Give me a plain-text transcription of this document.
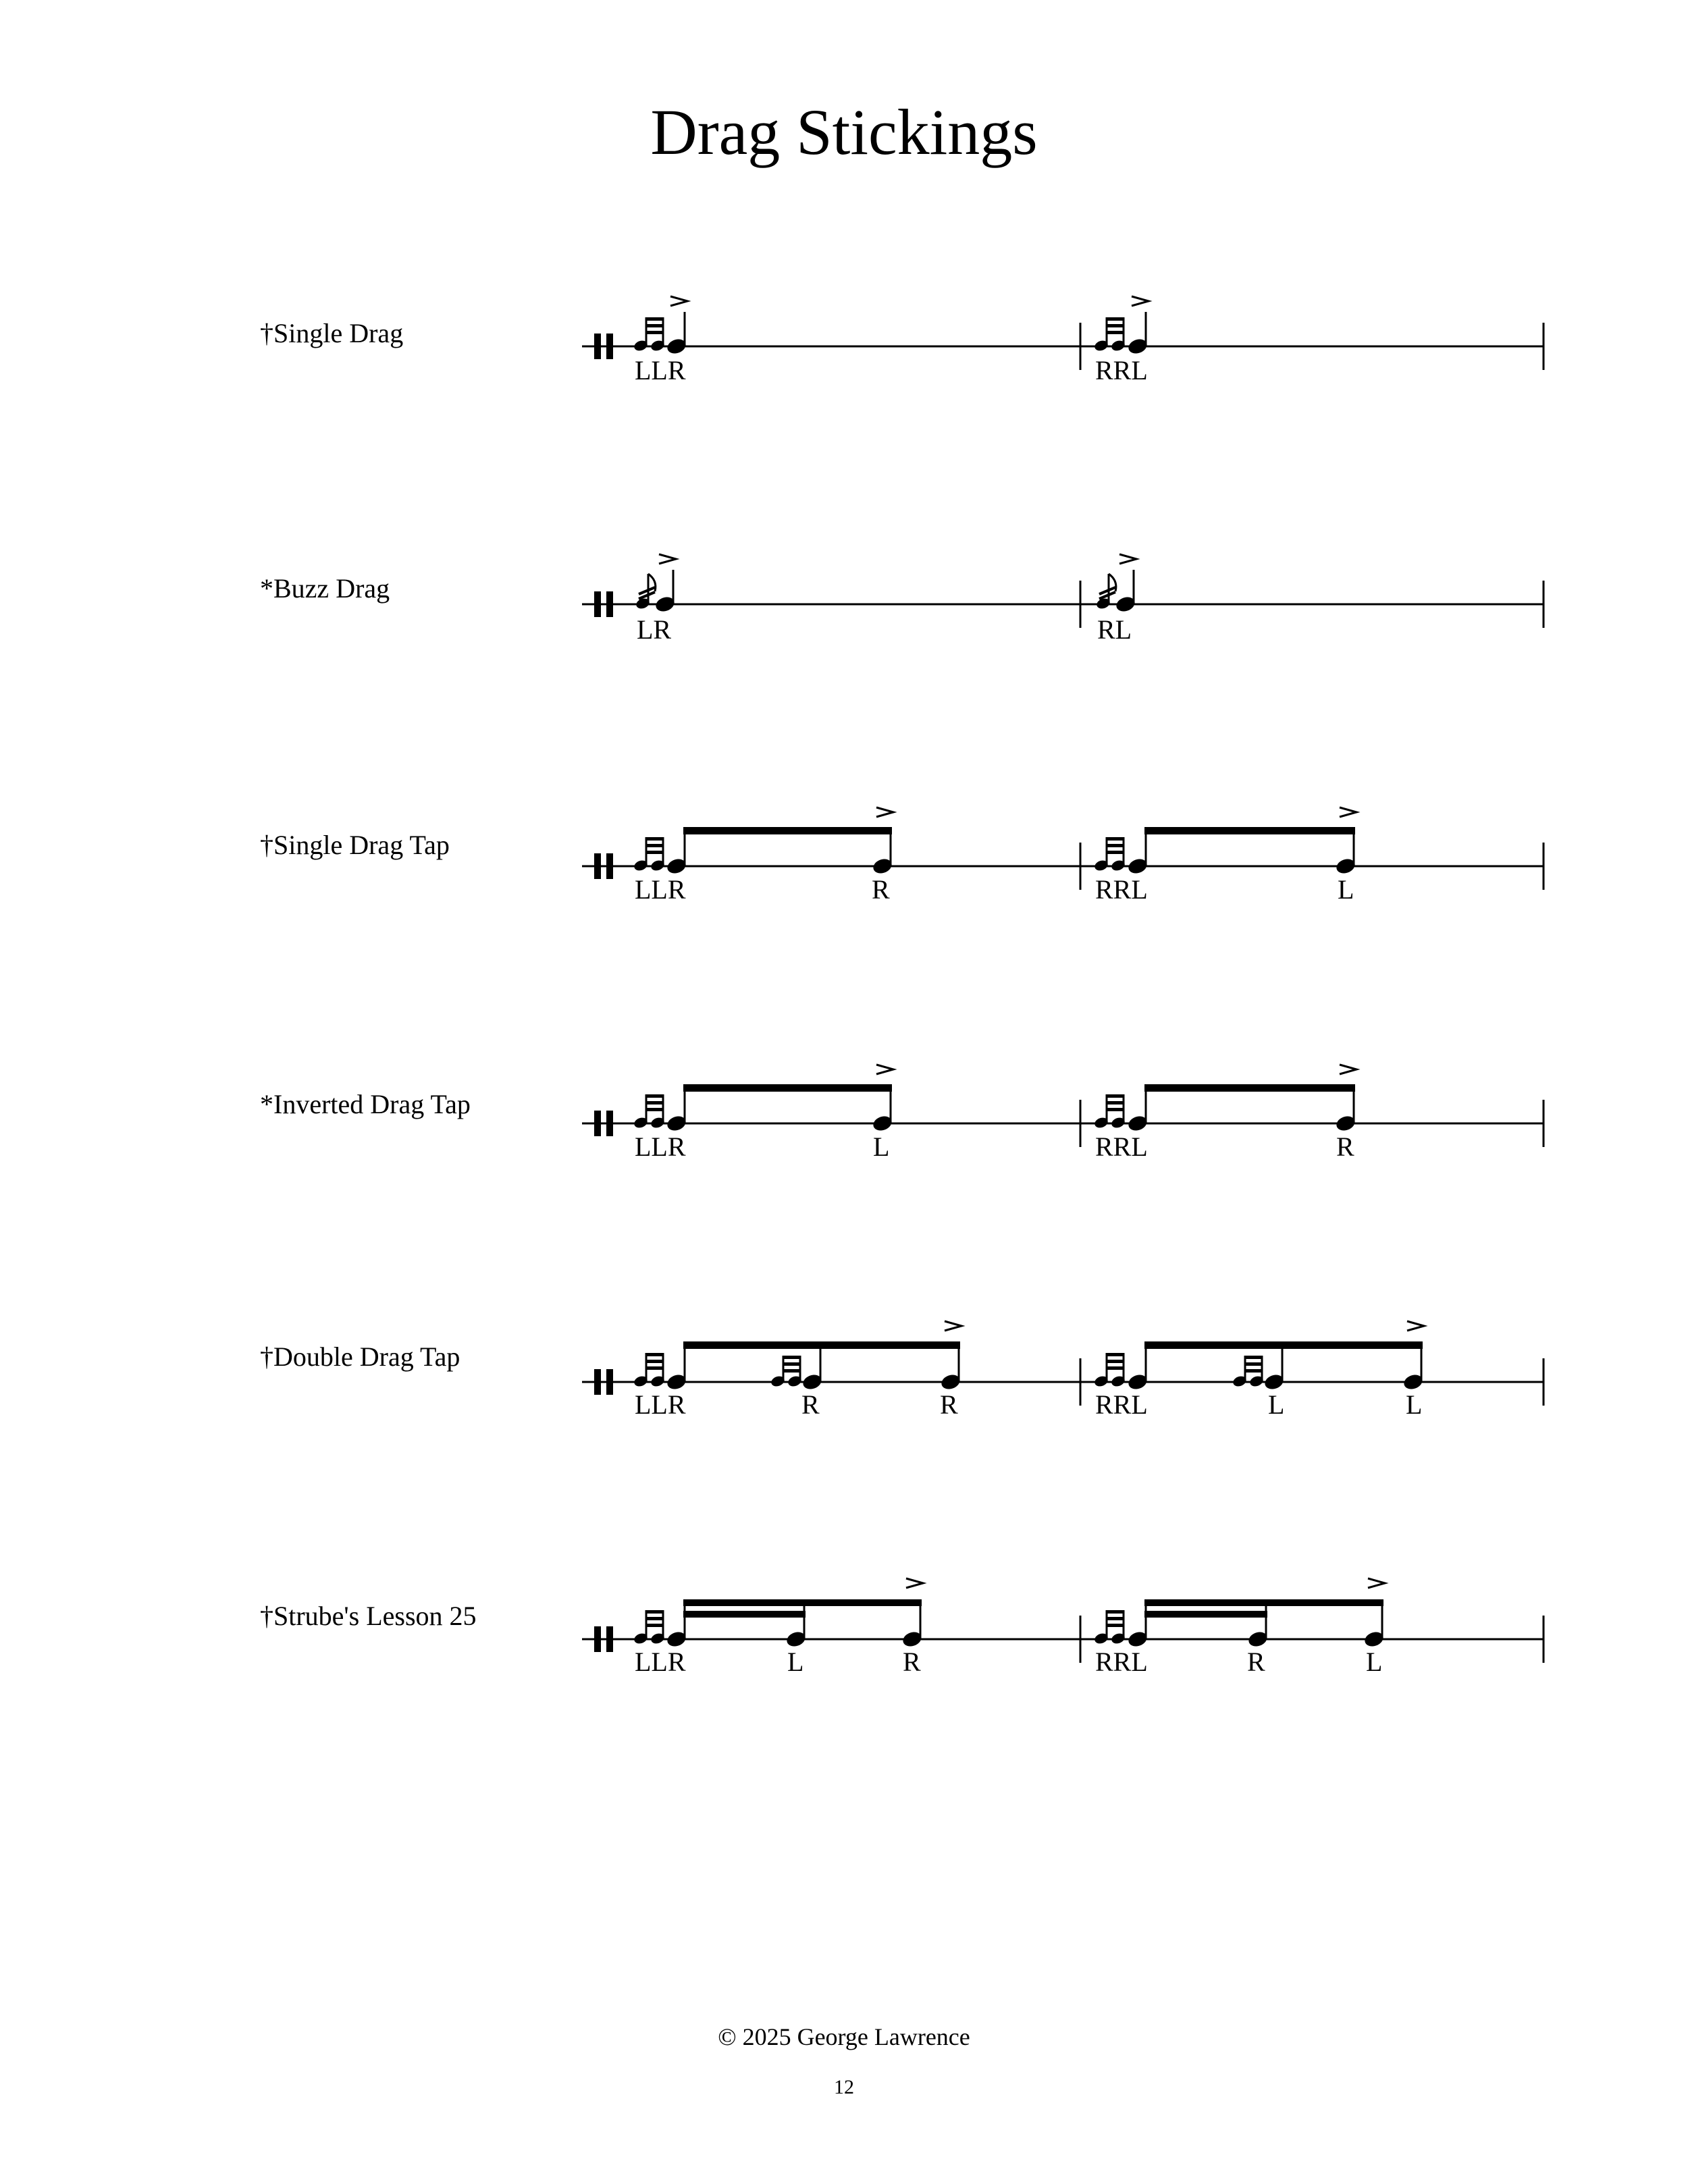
Drag Stickings
†Single Drag
*Buzz Drag
†Single Drag Tap
*Inverted Drag Tap
†Double Drag Tap
†Strube's Lesson 25
LLR	RRL
LR	RL
LLR	R	RRL	L
LLR	L	RRL	R
LLR	R	R	RRL	L	L
LLR	L	R	RRL	R	L
© 2025 George Lawrence
12
